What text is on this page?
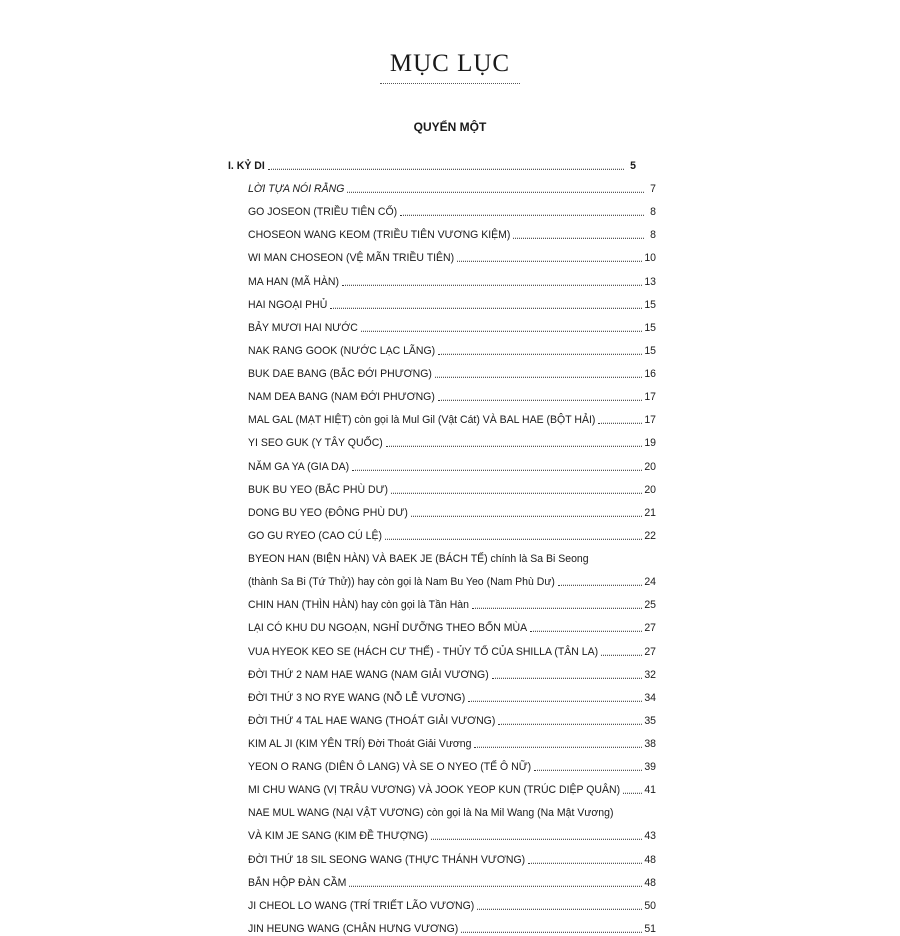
MỤC LỤC
QUYỂN MỘT
I. KỶ DI	5
LỜI TỰA NÓI RẰNG	7
GO JOSEON (TRIỀU TIÊN CỔ)	8
CHOSEON WANG KEOM (TRIỀU TIÊN VƯƠNG KIỆM)	8
WI MAN CHOSEON (VỆ MÃN TRIỀU TIÊN)	10
MA HAN (MÃ HÀN)	13
HAI NGOẠI PHỦ	15
BẢY MƯƠI HAI NƯỚC	15
NAK RANG GOOK (NƯỚC LẠC LÃNG)	15
BUK DAE BANG (BẮC ĐỚI PHƯƠNG)	16
NAM DEA BANG (NAM ĐỚI PHƯƠNG)	17
MAL GAL (MẠT HIỆT) còn gọi là Mul Gil (Vật Cát) VÀ BAL HAE (BỘT HẢI)	17
YI SEO GUK (Y TÂY QUỐC)	19
NĂM GA YA (GIA DA)	20
BUK BU YEO (BẮC PHÙ DƯ)	20
DONG BU YEO (ĐÔNG PHÙ DƯ)	21
GO GU RYEO (CAO CÚ LỆ)	22
BYEON HAN (BIỆN HÀN) VÀ BAEK JE (BÁCH TẾ) chính là Sa Bi Seong
(thành Sa Bi (Tứ Thử)) hay còn gọi là Nam Bu Yeo (Nam Phù Dư)	24
CHIN HAN (THÌN HÀN) hay còn gọi là Tần Hàn	25
LẠI CÓ KHU DU NGOẠN, NGHỈ DƯỠNG THEO BỐN MÙA	27
VUA HYEOK KEO SE (HÁCH CƯ THẾ) - THỦY TỔ CỦA SHILLA (TÂN LA)	27
ĐỜI THỨ 2 NAM HAE WANG (NAM GIẢI VƯƠNG)	32
ĐỜI THỨ 3 NO RYE WANG (NỖ LỄ VƯƠNG)	34
ĐỜI THỨ 4 TAL HAE WANG (THOÁT GIẢI VƯƠNG)	35
KIM AL JI (KIM YÊN TRÍ) Đời Thoát Giải Vương	38
YEON O RANG (DIÊN Ô LANG) VÀ SE O NYEO (TẾ Ô NỮ)	39
MI CHU WANG (VỊ TRÂU VƯƠNG) VÀ JOOK YEOP KUN (TRÚC DIỆP QUÂN) 41
NAE MUL WANG (NẠI VẬT VƯƠNG) còn gọi là Na Mil Wang (Na Mật Vương)
VÀ KIM JE SANG (KIM ĐỀ THƯỢNG)	43
ĐỜI THỨ 18 SIL SEONG WANG (THỰC THÁNH VƯƠNG)	48
BẮN HỘP ĐÀN CẦM	48
JI CHEOL LO WANG (TRÍ TRIẾT LÃO VƯƠNG)	50
JIN HEUNG WANG (CHÂN HƯNG VƯƠNG)	51
